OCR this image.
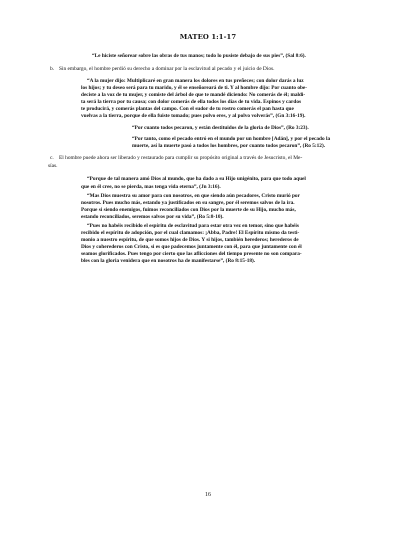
MATEO 1:1-17

“Le hiciste señorear sobre las obras de tus manos; todo lo pusiste debajo de sus pies”, (Sal 8:6).

b. Sin embargo, el hombre perdió su derecho a dominar por la esclavitud al pecado y el juicio de Dios.

“A la mujer dijo: Multiplicaré en gran manera los dolores en tus preñeces; con dolor darás a luz
los hijos; y tu deseo será para tu marido, y él se enseñoreará de ti. Y al hombre dijo: Por cuanto obe-
deciste a la voz de tu mujer, y comiste del árbol de que te mandé diciendo: No comerás de él; maldi-
ta será la tierra por tu causa; con dolor comerás de ella todos los días de tu vida. Espinos y cardos
te producirá, y comerás plantas del campo. Con el sudor de tu rostro comerás el pan hasta que
vuelvas a la tierra, porque de ella fuiste tomado; pues polvo eres, y al polvo volverás”, (Gn 3:16-19).

“Por cuanto todos pecaron, y están destituidos de la gloria de Dios”, (Ro 3:23).

“Por tanto, como el pecado entró en el mundo por un hombre [Adán], y por el pecado la
muerte, así la muerte pasó a todos los hombres, por cuanto todos pecaron”, (Ro 5:12).

c. El hombre puede ahora ser liberado y restaurado para cumplir su propósito original a través de Jesucristo, el Me-
sías.

“Porque de tal manera amó Dios al mundo, que ha dado a su Hijo unigénito, para que todo aquel
que en él cree, no se pierda, mas tenga vida eterna”, (Jn 3:16).

“Mas Dios muestra su amor para con nosotros, en que siendo aún pecadores, Cristo murió por
nosotros. Pues mucho más, estando ya justificados en su sangre, por él seremos salvos de la ira.
Porque si siendo enemigos, fuimos reconciliados con Dios por la muerte de su Hijo, mucho más,
estando reconciliados, seremos salvos por su vida”, (Ro 5:8-10).

“Pues no habéis recibido el espíritu de esclavitud para estar otra vez en temor, sino que habéis
recibido el espíritu de adopción, por el cual clamamos: ¡Abba, Padre! El Espíritu mismo da testi-
monio a nuestro espíritu, de que somos hijos de Dios. Y si hijos, también herederos; herederos de
Dios y coherederos con Cristo, si es que padecemos juntamente con él, para que juntamente con él
seamos glorificados. Pues tengo por cierto que las aflicciones del tiempo presente no son compara-
bles con la gloria venidera que en nosotros ha de manifestarse”, (Ro 8:15-18).

16
